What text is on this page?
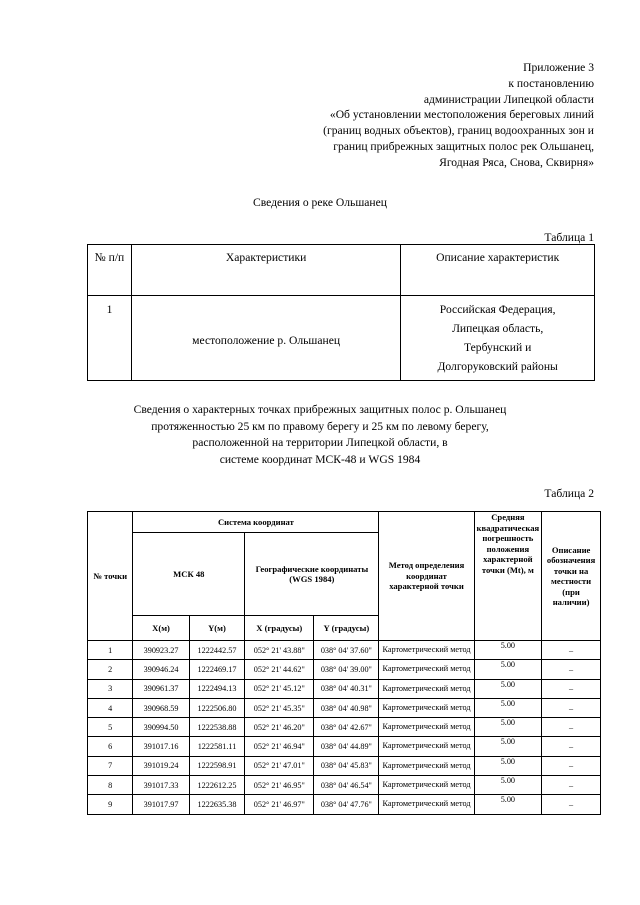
Приложение 3
к постановлению
администрации Липецкой области
«Об установлении местоположения береговых линий
(границ водных объектов), границ водоохранных зон и
границ прибрежных защитных полос рек Ольшанец,
Ягодная Ряса, Снова, Сквирня»
Сведения о реке Ольшанец
Таблица 1
№ п/п	Характеристики	Описание характеристик
1	местоположение р. Ольшанец	Российская Федерация,
Липецкая область,
Тербунский и
Долгоруковский районы
Сведения о характерных точках прибрежных защитных полос р. Ольшанец
протяженностью 25 км по правому берегу и 25 км по левому берегу,
расположенной на территории Липецкой области, в
системе координат МСК-48 и WGS 1984
Таблица 2
№ точки	Система координат				Метод определения координат характерной точки	Средняя квадратическая погрешность положения характерной точки (Mt), м	Описание обозначения точки на местности (при наличии)
	МСК 48		Географические координаты (WGS 1984)				
	X(м)	Y(м)	X (градусы)	Y (градусы)			
1	390923.27	1222442.57	052° 21' 43.88"	038° 04' 37.60"	Картометрический метод	5.00	–
2	390946.24	1222469.17	052° 21' 44.62"	038° 04' 39.00"	Картометрический метод	5.00	–
3	390961.37	1222494.13	052° 21' 45.12"	038° 04' 40.31"	Картометрический метод	5.00	–
4	390968.59	1222506.80	052° 21' 45.35"	038° 04' 40.98"	Картометрический метод	5.00	–
5	390994.50	1222538.88	052° 21' 46.20"	038° 04' 42.67"	Картометрический метод	5.00	–
6	391017.16	1222581.11	052° 21' 46.94"	038° 04' 44.89"	Картометрический метод	5.00	–
7	391019.24	1222598.91	052° 21' 47.01"	038° 04' 45.83"	Картометрический метод	5.00	–
8	391017.33	1222612.25	052° 21' 46.95"	038° 04' 46.54"	Картометрический метод	5.00	–
9	391017.97	1222635.38	052° 21' 46.97"	038° 04' 47.76"	Картометрический метод	5.00	–
